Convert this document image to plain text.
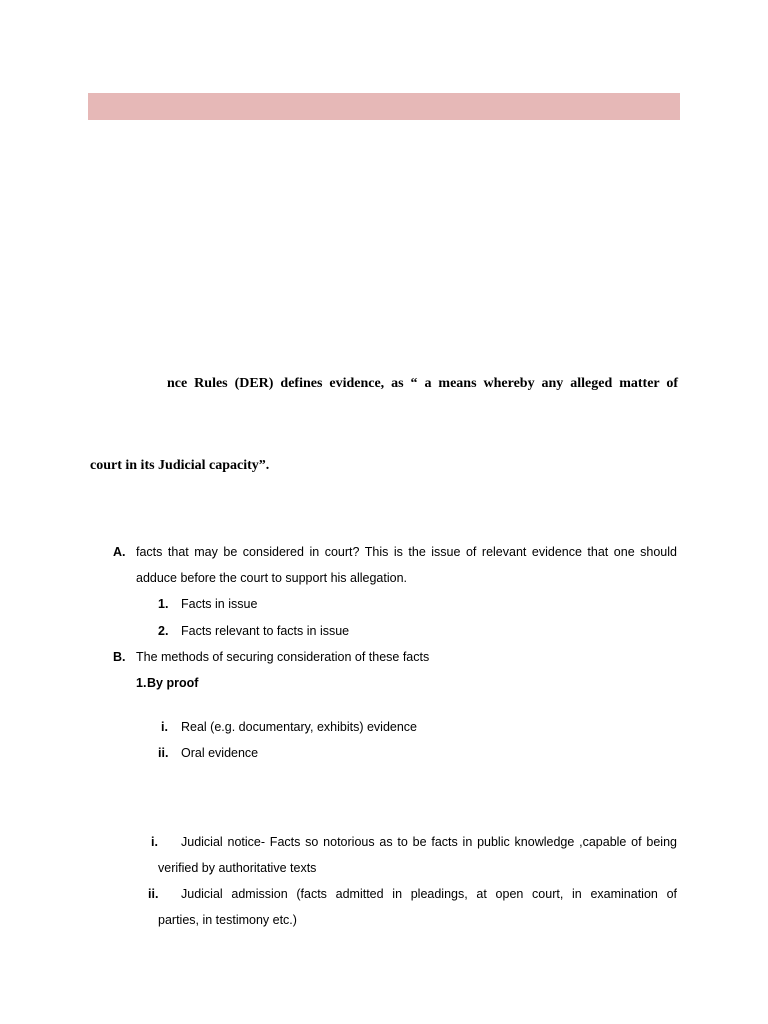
nce Rules (DER) defines evidence, as “ a means whereby any alleged matter of
court in its Judicial capacity”.
A. facts that may be considered in court? This is the issue of relevant evidence that one should
adduce before the court to support his allegation.
1. Facts in issue
2. Facts relevant to facts in issue
B. The methods of securing consideration of these facts
1. By proof
i. Real (e.g. documentary, exhibits) evidence
ii. Oral evidence
i. Judicial notice- Facts so notorious as to be facts in public knowledge ,capable of being
verified by authoritative texts
ii. Judicial admission (facts admitted in pleadings, at open court, in examination of
parties, in testimony etc.)
